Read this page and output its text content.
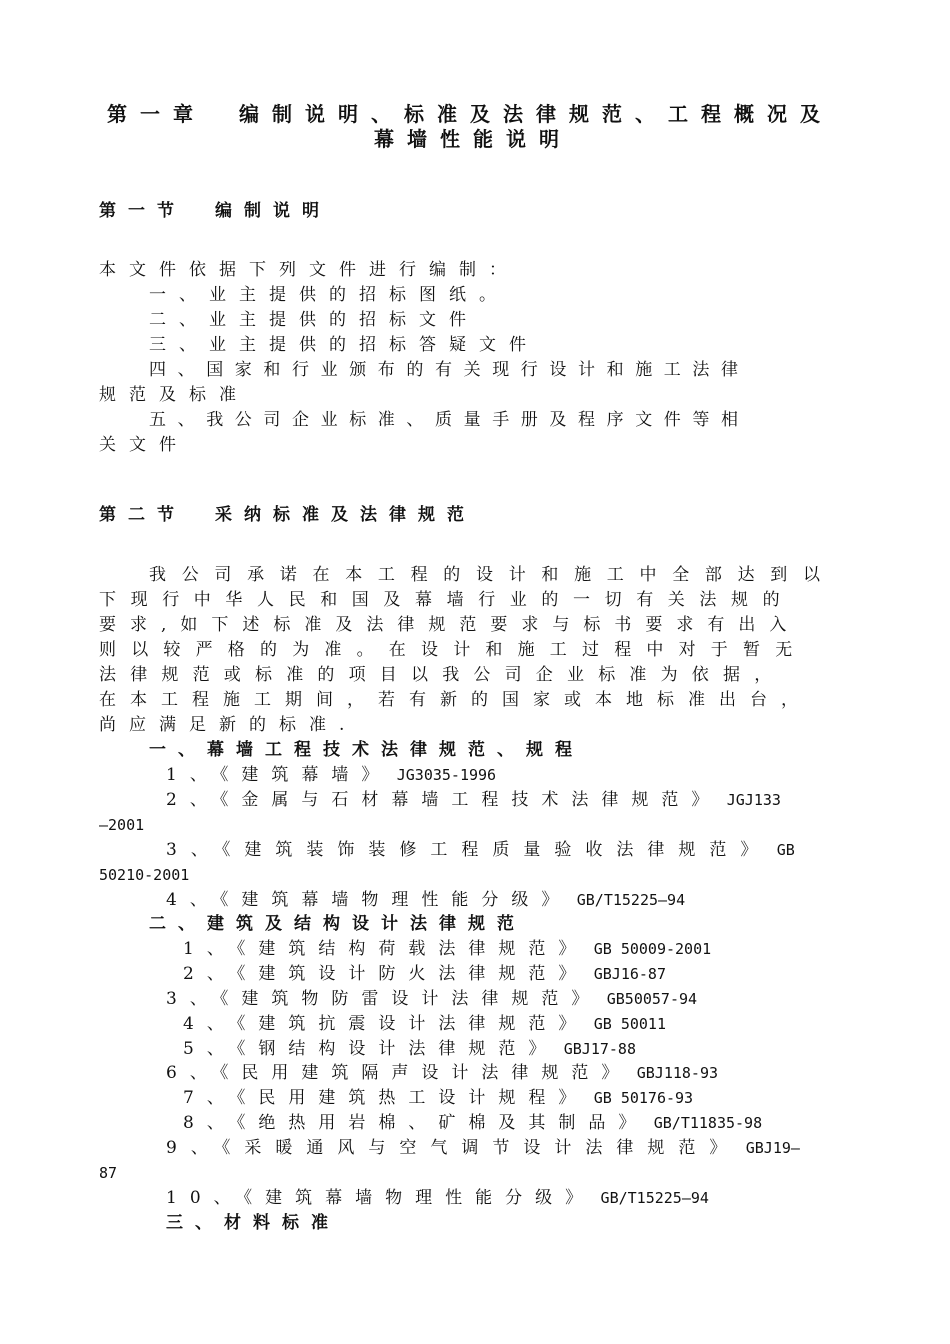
第一章　编制说明、标准及法律规范、工程概况及
幕墙性能说明
第一节　编制说明
本文件依据下列文件进行编制：
一、业主提供的招标图纸。
二、业主提供的招标文件
三、业主提供的招标答疑文件
四、国家和行业颁布的有关现行设计和施工法律
规范及标准
五、我公司企业标准、质量手册及程序文件等相
关文件
第二节　采纳标准及法律规范
我公司承诺在本工程的设计和施工中全部达到以
下现行中华人民和国及幕墙行业的一切有关法规的
要求,如下述标准及法律规范要求与标书要求有出入
则以较严格的为准。在设计和施工过程中对于暂无
法律规范或标准的项目以我公司企业标准为依据，
在本工程施工期间，若有新的国家或本地标准出台，
尚应满足新的标准.
一、幕墙工程技术法律规范、规程
1、《建筑幕墙》 JG3035-1996
2、《金属与石材幕墙工程技术法律规范》 JGJ133
—2001
3、《建筑装饰装修工程质量验收法律规范》 GB
50210-2001
4、《建筑幕墙物理性能分级》 GB/T15225—94
二、建筑及结构设计法律规范
1、《建筑结构荷载法律规范》 GB 50009-2001
2、《建筑设计防火法律规范》 GBJ16-87
3、《建筑物防雷设计法律规范》 GB50057-94
4、《建筑抗震设计法律规范》 GB 50011
5、《钢结构设计法律规范》 GBJ17-88
6、《民用建筑隔声设计法律规范》 GBJ118-93
7、《民用建筑热工设计规程》 GB 50176-93
8、《绝热用岩棉、矿棉及其制品》 GB/T11835-98
9、《采暖通风与空气调节设计法律规范》 GBJ19—
87
10、《建筑幕墙物理性能分级》 GB/T15225—94
三、材料标准
